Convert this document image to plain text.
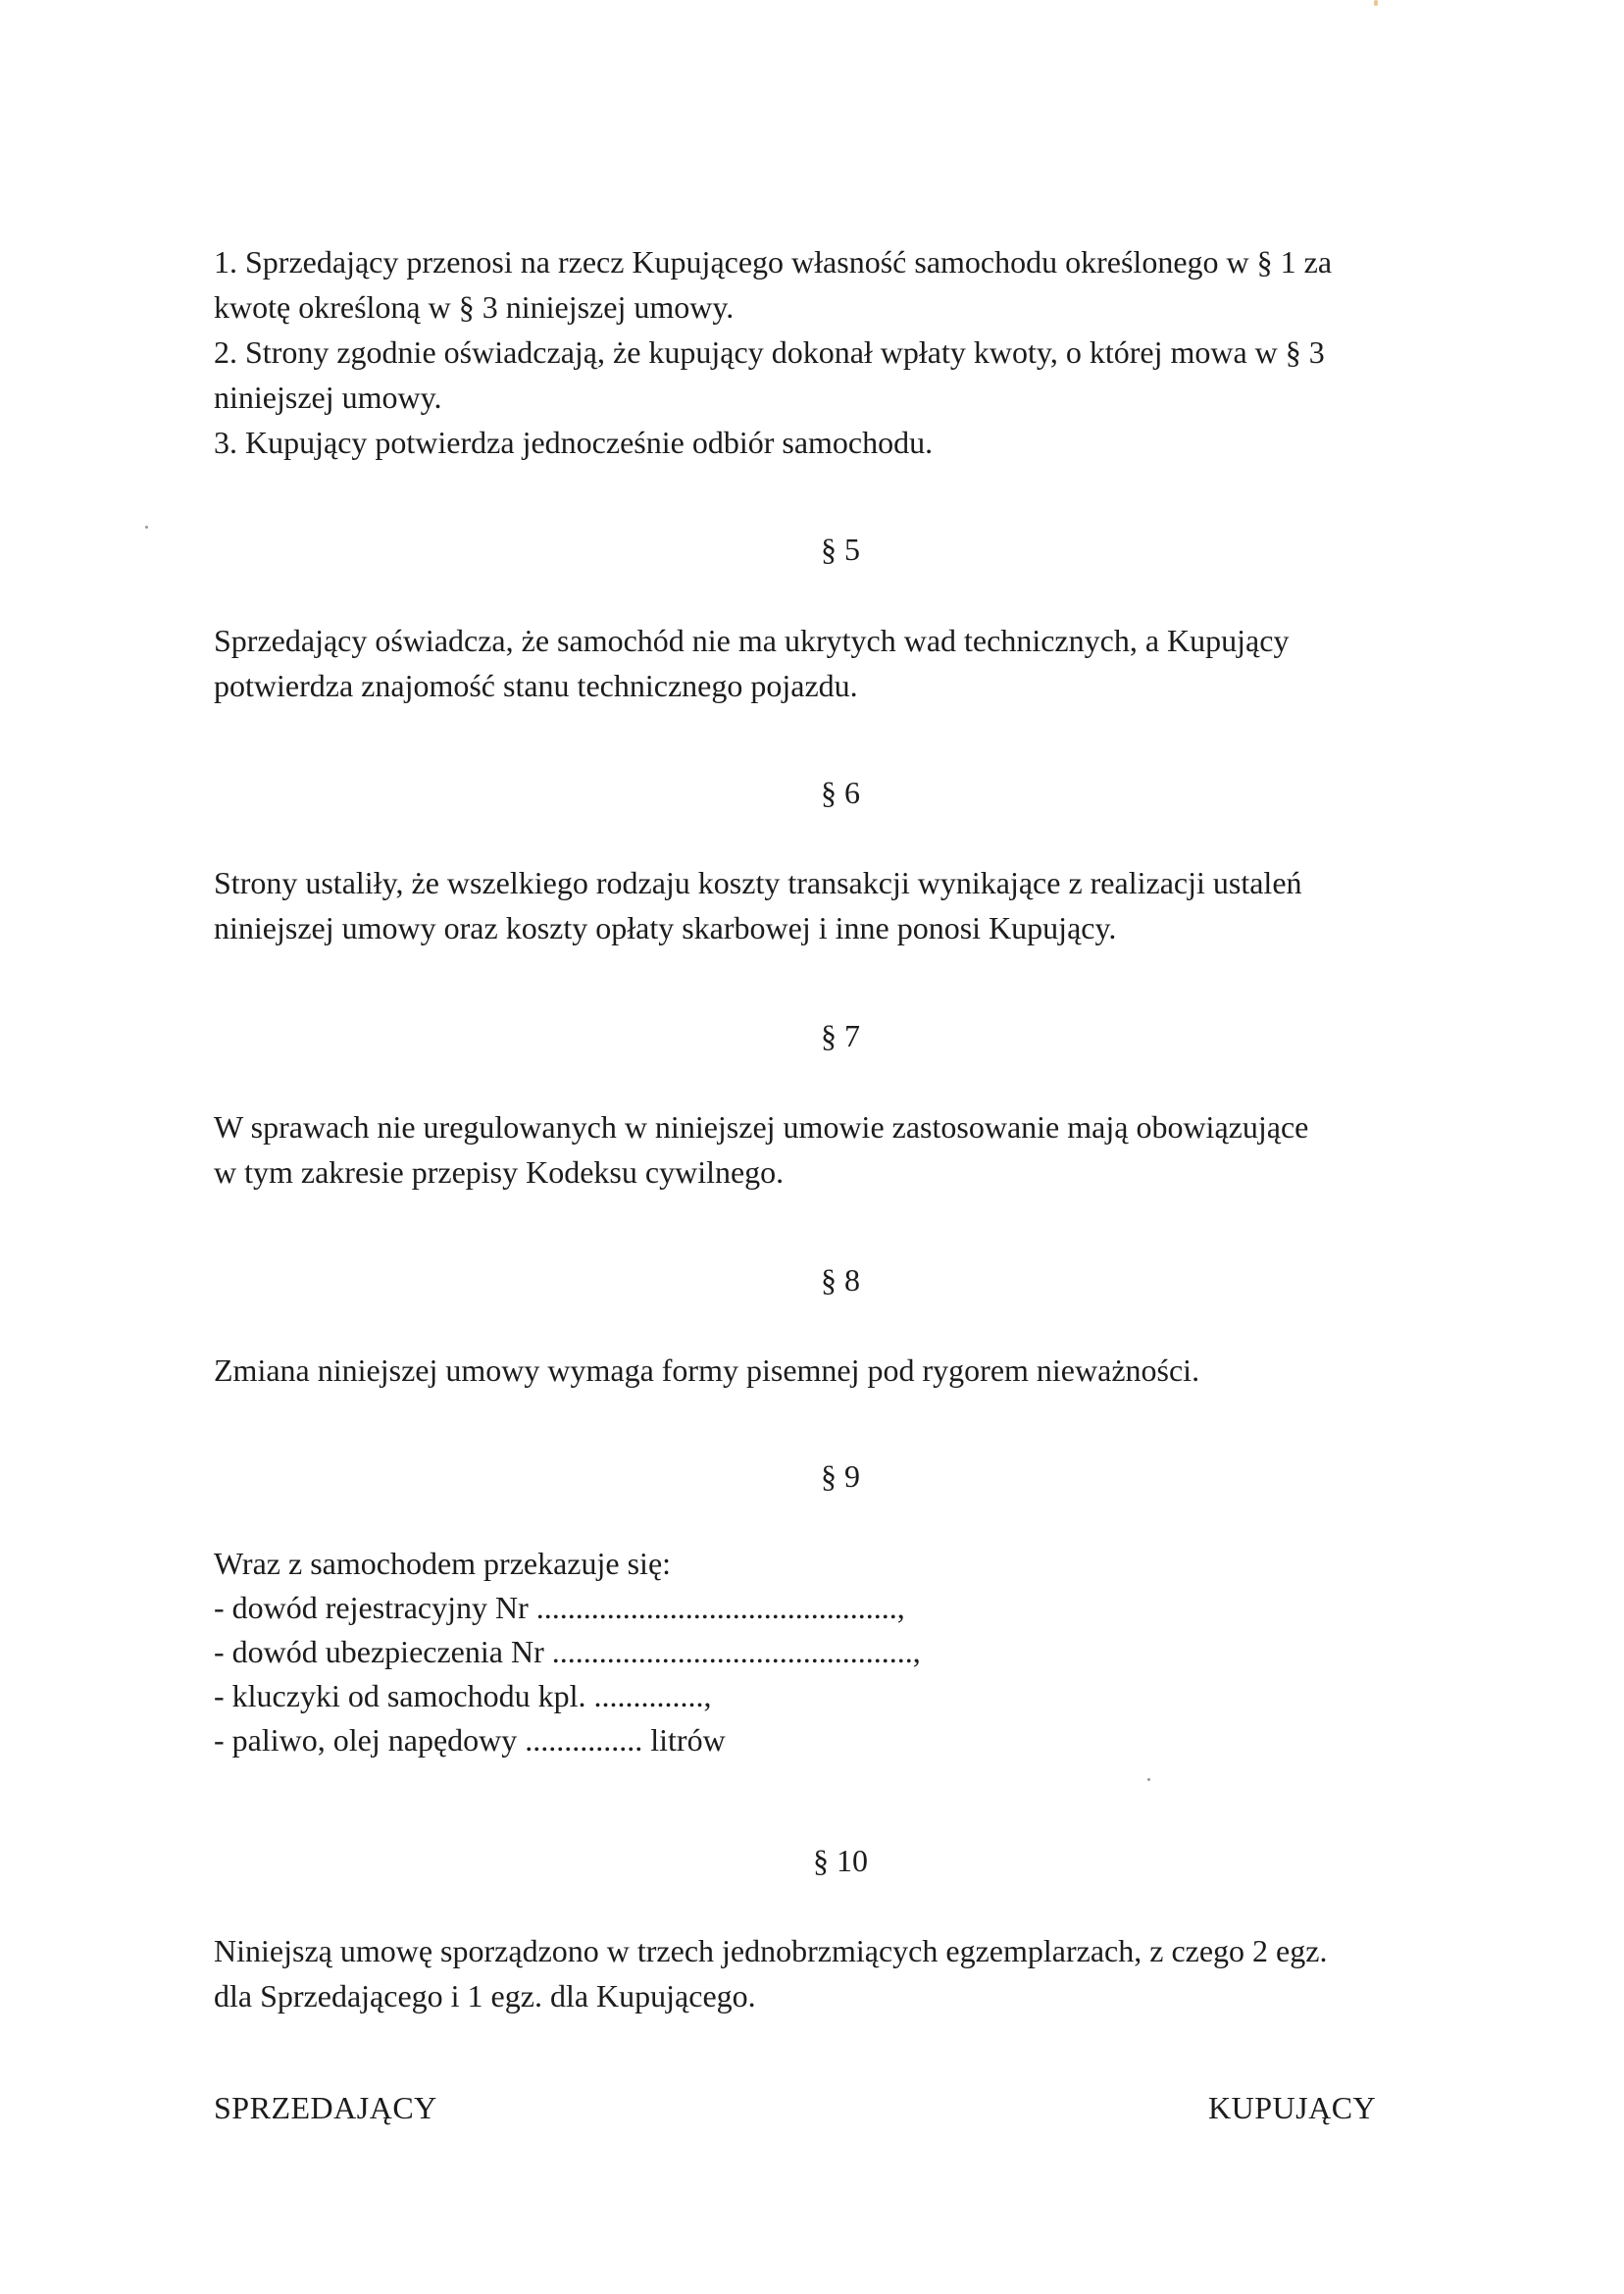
1. Sprzedający przenosi na rzecz Kupującego własność samochodu określonego w § 1 za
kwotę określoną w § 3 niniejszej umowy.
2. Strony zgodnie oświadczają, że kupujący dokonał wpłaty kwoty, o której mowa w § 3
niniejszej umowy.
3. Kupujący potwierdza jednocześnie odbiór samochodu.
§ 5
Sprzedający oświadcza, że samochód nie ma ukrytych wad technicznych, a Kupujący
potwierdza znajomość stanu technicznego pojazdu.
§ 6
Strony ustaliły, że wszelkiego rodzaju koszty transakcji wynikające z realizacji ustaleń
niniejszej umowy oraz koszty opłaty skarbowej i inne ponosi Kupujący.
§ 7
W sprawach nie uregulowanych w niniejszej umowie zastosowanie mają obowiązujące
w tym zakresie przepisy Kodeksu cywilnego.
§ 8
Zmiana niniejszej umowy wymaga formy pisemnej pod rygorem nieważności.
§ 9
Wraz z samochodem przekazuje się:
- dowód rejestracyjny Nr ..............................................,
- dowód ubezpieczenia Nr ..............................................,
- kluczyki od samochodu kpl. ..............,
- paliwo, olej napędowy ............... litrów
§ 10
Niniejszą umowę sporządzono w trzech jednobrzmiących egzemplarzach, z czego 2 egz.
dla Sprzedającego i 1 egz. dla Kupującego.
SPRZEDAJĄCY	KUPUJĄCY
